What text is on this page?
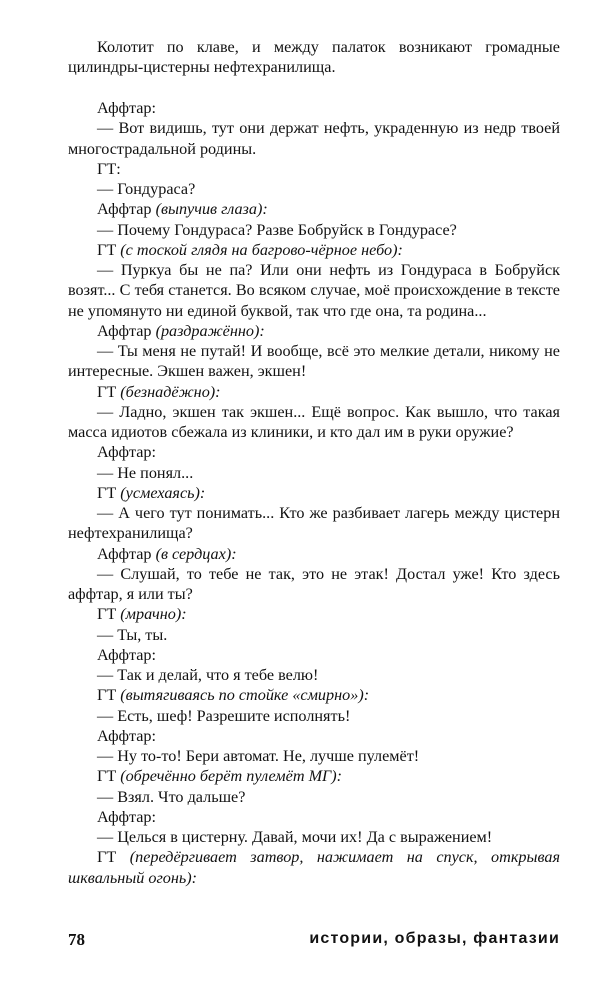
Колотит по клаве, и между палаток возникают громадные цилиндры-цистерны нефтехранилища.

Аффтар:

— Вот видишь, тут они держат нефть, украденную из недр твоей многострадальной родины.

ГТ:

— Гондураса?

Аффтар (выпучив глаза):

— Почему Гондураса? Разве Бобруйск в Гондурасе?

ГТ (с тоской глядя на багрово-чёрное небо):

— Пуркуа бы не па? Или они нефть из Гондураса в Бобруйск возят... С тебя станется. Во всяком случае, моё происхождение в тексте не упомянуто ни единой буквой, так что где она, та родина...

Аффтар (раздражённо):

— Ты меня не путай! И вообще, всё это мелкие детали, никому не интересные. Экшен важен, экшен!

ГТ (безнадёжно):

— Ладно, экшен так экшен... Ещё вопрос. Как вышло, что такая масса идиотов сбежала из клиники, и кто дал им в руки оружие?

Аффтар:

— Не понял...

ГТ (усмехаясь):

— А чего тут понимать... Кто же разбивает лагерь между цистерн нефтехранилища?

Аффтар (в сердцах):

— Слушай, то тебе не так, это не этак! Достал уже! Кто здесь аффтар, я или ты?

ГТ (мрачно):

— Ты, ты.

Аффтар:

— Так и делай, что я тебе велю!

ГТ (вытягиваясь по стойке «смирно»):

— Есть, шеф! Разрешите исполнять!

Аффтар:

— Ну то-то! Бери автомат. Не, лучше пулемёт!

ГТ (обречённо берёт пулемёт МГ):

— Взял. Что дальше?

Аффтар:

— Целься в цистерну. Давай, мочи их! Да с выражением!

ГТ (передёргивает затвор, нажимает на спуск, открывая шквальный огонь):

78	истории, образы, фантазии
